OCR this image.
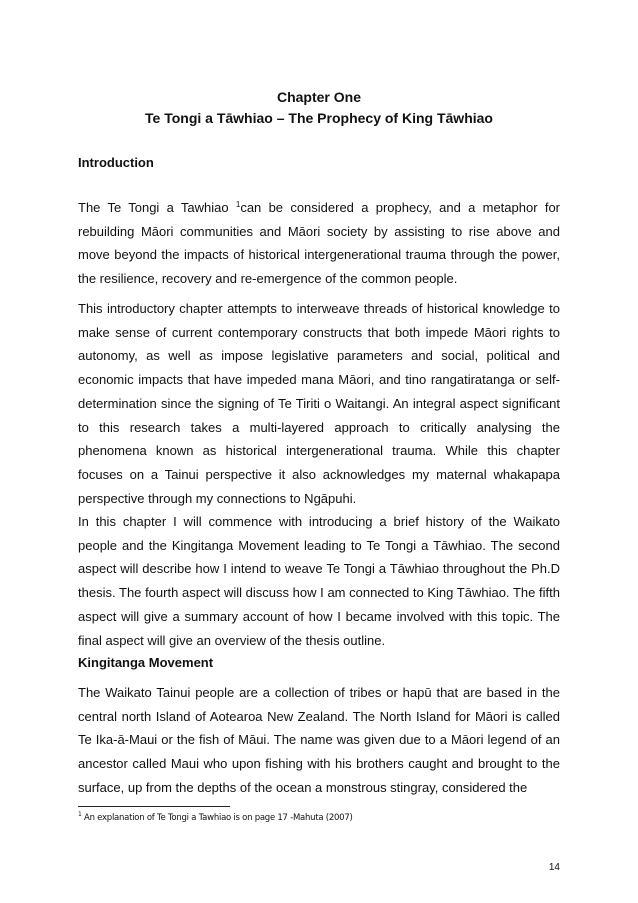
Chapter One
Te Tongi a Tāwhiao – The Prophecy of King Tāwhiao
Introduction

The Te Tongi a Tawhiao $^1$can be considered a prophecy, and a metaphor for rebuilding Māori communities and Māori society by assisting to rise above and move beyond the impacts of historical intergenerational trauma through the power, the resilience, recovery and re-emergence of the common people.

This introductory chapter attempts to interweave threads of historical knowledge to make sense of current contemporary constructs that both impede Māori rights to autonomy, as well as impose legislative parameters and social, political and economic impacts that have impeded mana Māori, and tino rangatiratanga or self-determination since the signing of Te Tiriti o Waitangi. An integral aspect significant to this research takes a multi-layered approach to critically analysing the phenomena known as historical intergenerational trauma. While this chapter focuses on a Tainui perspective it also acknowledges my maternal whakapapa perspective through my connections to Ngāpuhi.

In this chapter I will commence with introducing a brief history of the Waikato people and the Kingitanga Movement leading to Te Tongi a Tāwhiao. The second aspect will describe how I intend to weave Te Tongi a Tāwhiao throughout the Ph.D thesis. The fourth aspect will discuss how I am connected to King Tāwhiao. The fifth aspect will give a summary account of how I became involved with this topic. The final aspect will give an overview of the thesis outline.

Kingitanga Movement

The Waikato Tainui people are a collection of tribes or hapū that are based in the central north Island of Aotearoa New Zealand. The North Island for Māori is called Te Ika-ā-Maui or the fish of Māui. The name was given due to a Māori legend of an ancestor called Maui who upon fishing with his brothers caught and brought to the surface, up from the depths of the ocean a monstrous stingray, considered the

$^1$ An explanation of Te Tongi a Tawhiao is on page 17 -Mahuta (2007)
14
